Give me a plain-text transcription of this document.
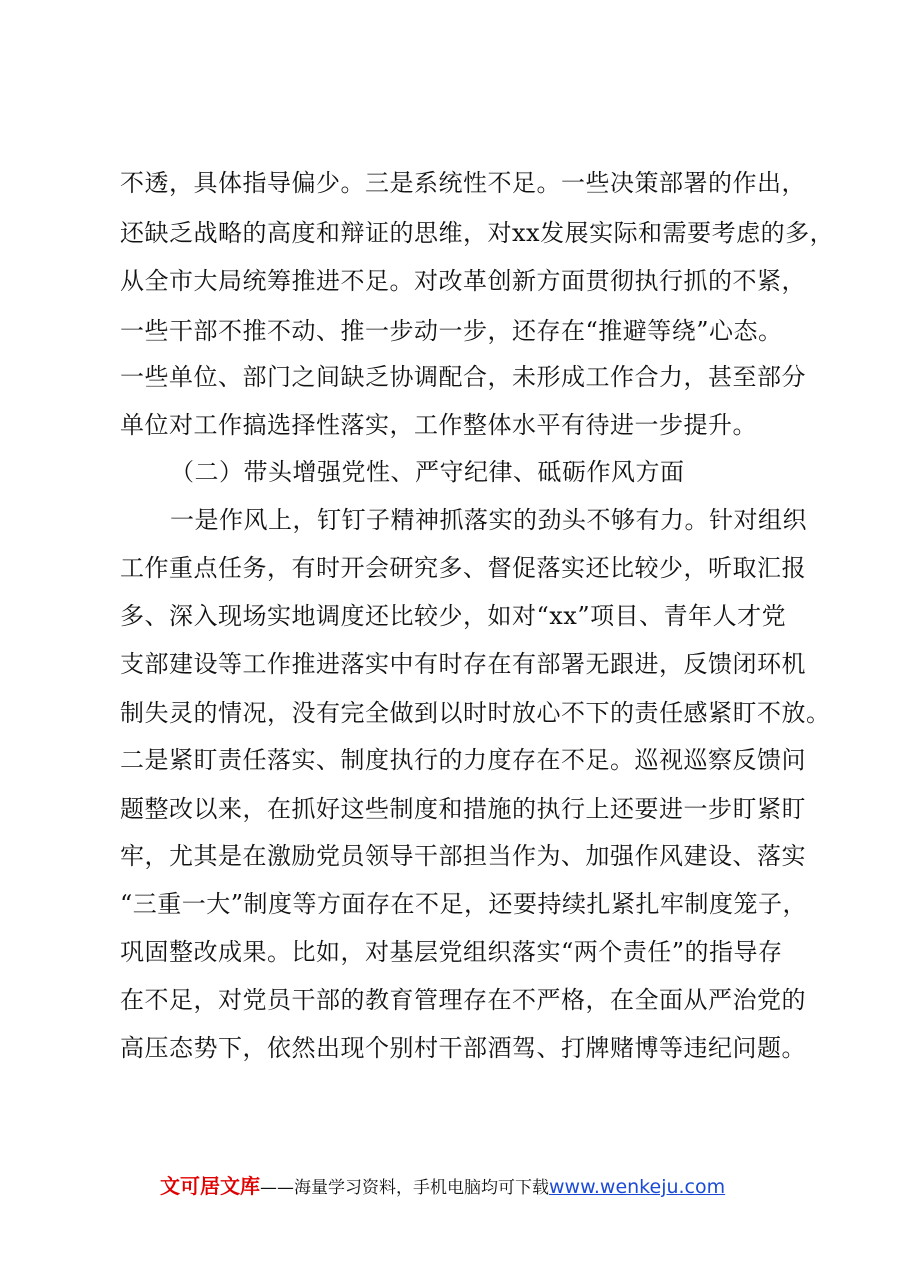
不透，具体指导偏少。三是系统性不足。一些决策部署的作出，
还缺乏战略的高度和辩证的思维，对xx发展实际和需要考虑的多，
从全市大局统筹推进不足。对改革创新方面贯彻执行抓的不紧，
一些干部不推不动、推一步动一步，还存在“推避等绕”心态。
一些单位、部门之间缺乏协调配合，未形成工作合力，甚至部分
单位对工作搞选择性落实，工作整体水平有待进一步提升。
（二）带头增强党性、严守纪律、砥砺作风方面
一是作风上，钉钉子精神抓落实的劲头不够有力。针对组织
工作重点任务，有时开会研究多、督促落实还比较少，听取汇报
多、深入现场实地调度还比较少，如对“xx”项目、青年人才党
支部建设等工作推进落实中有时存在有部署无跟进，反馈闭环机
制失灵的情况，没有完全做到以时时放心不下的责任感紧盯不放。
二是紧盯责任落实、制度执行的力度存在不足。巡视巡察反馈问
题整改以来，在抓好这些制度和措施的执行上还要进一步盯紧盯
牢，尤其是在激励党员领导干部担当作为、加强作风建设、落实
“三重一大”制度等方面存在不足，还要持续扎紧扎牢制度笼子，
巩固整改成果。比如，对基层党组织落实“两个责任”的指导存
在不足，对党员干部的教育管理存在不严格，在全面从严治党的
高压态势下，依然出现个别村干部酒驾、打牌赌博等违纪问题。
文可居文库——海量学习资料，手机电脑均可下载www.wenkeju.com
